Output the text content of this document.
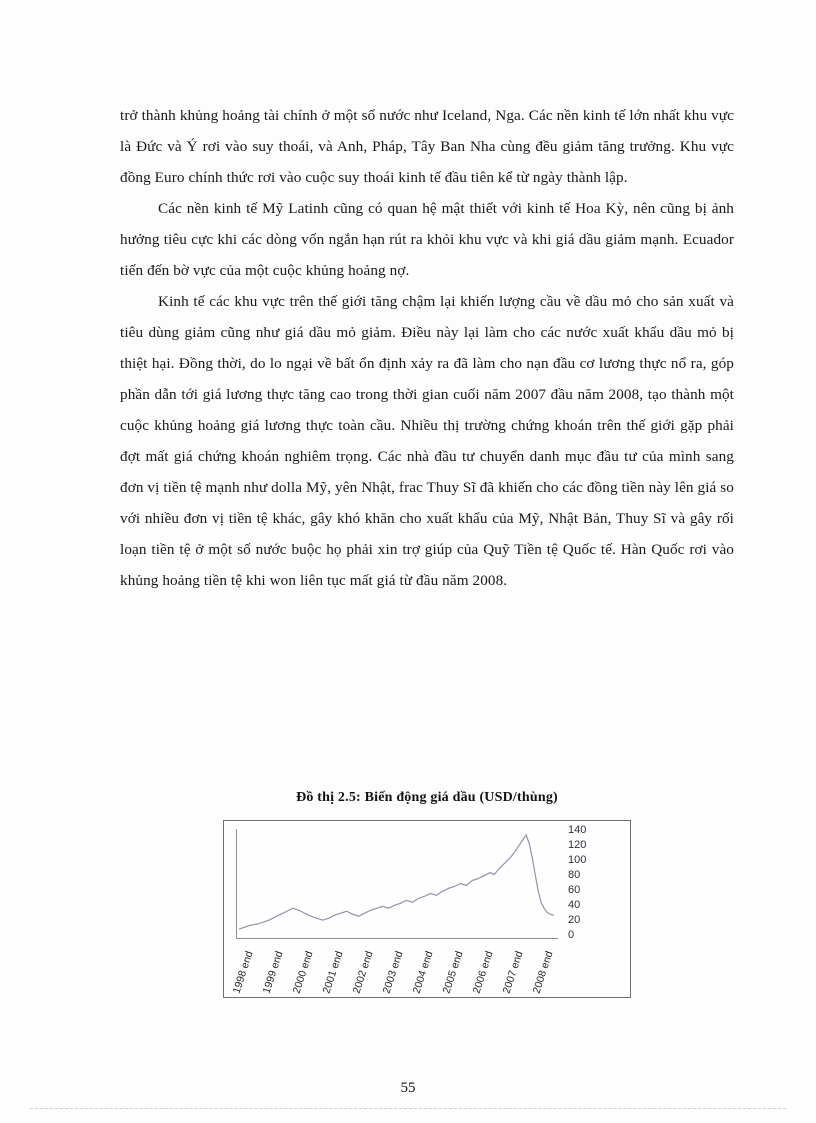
trở thành khủng hoảng tài chính ở một số nước như Iceland, Nga. Các nền kinh tế lớn nhất khu vực là Đức và Ý rơi vào suy thoái, và Anh, Pháp, Tây Ban Nha cùng đều giảm tăng trưởng. Khu vực đồng Euro chính thức rơi vào cuộc suy thoái kinh tế đầu tiên kể từ ngày thành lập.

Các nền kinh tế Mỹ Latinh cũng có quan hệ mật thiết với kinh tế Hoa Kỳ, nên cũng bị ảnh hưởng tiêu cực khi các dòng vốn ngắn hạn rút ra khỏi khu vực và khi giá dầu giảm mạnh. Ecuador tiến đến bờ vực của một cuộc khủng hoảng nợ.

Kinh tế các khu vực trên thế giới tăng chậm lại khiến lượng cầu về dầu mỏ cho sản xuất và tiêu dùng giảm cũng như giá dầu mỏ giảm. Điều này lại làm cho các nước xuất khẩu dầu mỏ bị thiệt hại. Đồng thời, do lo ngại về bất ổn định xảy ra đã làm cho nạn đầu cơ lương thực nổ ra, góp phần dẫn tới giá lương thực tăng cao trong thời gian cuối năm 2007 đầu năm 2008, tạo thành một cuộc khủng hoảng giá lương thực toàn cầu. Nhiều thị trường chứng khoán trên thế giới gặp phải đợt mất giá chứng khoán nghiêm trọng. Các nhà đầu tư chuyển danh mục đầu tư của mình sang đơn vị tiền tệ mạnh như dolla Mỹ, yên Nhật, frac Thuy Sĩ đã khiến cho các đồng tiền này lên giá so với nhiều đơn vị tiền tệ khác, gây khó khăn cho xuất khẩu của Mỹ, Nhật Bản, Thuy Sĩ và gây rối loạn tiền tệ ở một số nước buộc họ phải xin trợ giúp của Quỹ Tiền tệ Quốc tế. Hàn Quốc rơi vào khủng hoảng tiền tệ khi won liên tục mất giá từ đầu năm 2008.

Đồ thị 2.5: Biến động giá dầu (USD/thùng)
140
120
100
80
60
40
20
0
1998 end 1999 end 2000 end 2001 end 2002 end 2003 end 2004 end 2005 end 2006 end 2007 end 2008 end
55
